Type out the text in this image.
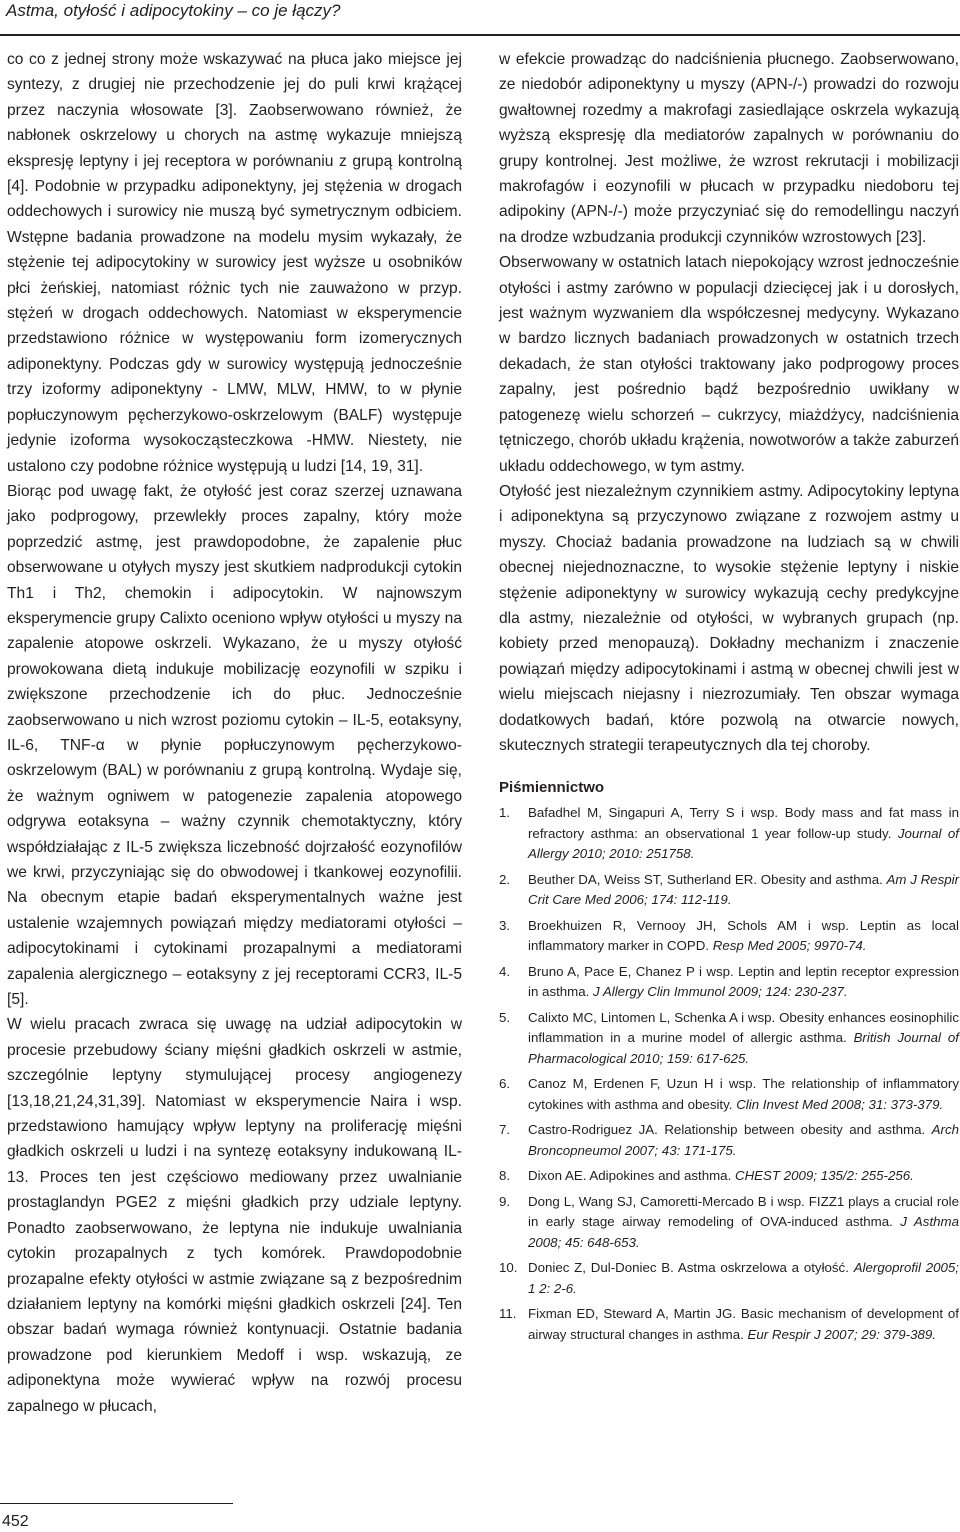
Astma, otyłość i adipocytokiny – co je łączy?

co co z jednej strony może wskazywać na płuca jako miejsce jej syntezy, z drugiej nie przechodzenie jej do puli krwi krążącej przez naczynia włosowate [3]. Zaobserwowano również, że nabłonek oskrzelowy u chorych na astmę wykazuje mniejszą ekspresję leptyny i jej receptora w porównaniu z grupą kontrolną [4]. Podobnie w przypadku adiponektyny, jej stężenia w drogach oddechowych i surowicy nie muszą być symetrycznym odbiciem. Wstępne badania prowadzone na modelu mysim wykazały, że stężenie tej adipocytokiny w surowicy jest wyższe u osobników płci żeńskiej, natomiast różnic tych nie zauważono w przyp. stężeń w drogach oddechowych. Natomiast w eksperymencie przedstawiono różnice w występowaniu form izomerycznych adiponektyny. Podczas gdy w surowicy występują jednocześnie trzy izoformy adiponektyny - LMW, MLW, HMW, to w płynie popłuczynowym pęcherzykowo-oskrzelowym (BALF) występuje jedynie izoforma wysokocząsteczkowa -HMW. Niestety, nie ustalono czy podobne różnice występują u ludzi [14, 19, 31].

Biorąc pod uwagę fakt, że otyłość jest coraz szerzej uznawana jako podprogowy, przewlekły proces zapalny, który może poprzedzić astmę, jest prawdopodobne, że zapalenie płuc obserwowane u otyłych myszy jest skutkiem nadprodukcji cytokin Th1 i Th2, chemokin i adipocytokin. W najnowszym eksperymencie grupy Calixto oceniono wpływ otyłości u myszy na zapalenie atopowe oskrzeli. Wykazano, że u myszy otyłość prowokowana dietą indukuje mobilizację eozynofili w szpiku i zwiększone przechodzenie ich do płuc. Jednocześnie zaobserwowano u nich wzrost poziomu cytokin – IL-5, eotaksyny, IL-6, TNF-α w płynie popłuczynowym pęcherzykowo-oskrzelowym (BAL) w porównaniu z grupą kontrolną. Wydaje się, że ważnym ogniwem w patogenezie zapalenia atopowego odgrywa eotaksyna – ważny czynnik chemotaktyczny, który współdziałając z IL-5 zwiększa liczebność dojrzałość eozynofilów we krwi, przyczyniając się do obwodowej i tkankowej eozynofilii. Na obecnym etapie badań eksperymentalnych ważne jest ustalenie wzajemnych powiązań między mediatorami otyłości – adipocytokinami i cytokinami prozapalnymi a mediatorami zapalenia alergicznego – eotaksyny z jej receptorami CCR3, IL-5 [5].

W wielu pracach zwraca się uwagę na udział adipocytokin w procesie przebudowy ściany mięśni gładkich oskrzeli w astmie, szczególnie leptyny stymulującej procesy angiogenezy [13,18,21,24,31,39]. Natomiast w eksperymencie Naira i wsp. przedstawiono hamujący wpływ leptyny na proliferację mięśni gładkich oskrzeli u ludzi i na syntezę eotaksyny indukowaną IL-13. Proces ten jest częściowo mediowany przez uwalnianie prostaglandyn PGE2 z mięśni gładkich przy udziale leptyny. Ponadto zaobserwowano, że leptyna nie indukuje uwalniania cytokin prozapalnych z tych komórek. Prawdopodobnie prozapalne efekty otyłości w astmie związane są z bezpośrednim działaniem leptyny na komórki mięśni gładkich oskrzeli [24]. Ten obszar badań wymaga również kontynuacji. Ostatnie badania prowadzone pod kierunkiem Medoff i wsp. wskazują, ze adiponektyna może wywierać wpływ na rozwój procesu zapalnego w płucach,

w efekcie prowadząc do nadciśnienia płucnego. Zaobserwowano, ze niedobór adiponektyny u myszy (APN-/-) prowadzi do rozwoju gwałtownej rozedmy a makrofagi zasiedlające oskrzela wykazują wyższą ekspresję dla mediatorów zapalnych w porównaniu do grupy kontrolnej. Jest możliwe, że wzrost rekrutacji i mobilizacji makrofagów i eozynofili w płucach w przypadku niedoboru tej adipokiny (APN-/-) może przyczyniać się do remodellingu naczyń na drodze wzbudzania produkcji czynników wzrostowych [23].

Obserwowany w ostatnich latach niepokojący wzrost jednocześnie otyłości i astmy zarówno w populacji dziecięcej jak i u dorosłych, jest ważnym wyzwaniem dla współczesnej medycyny. Wykazano w bardzo licznych badaniach prowadzonych w ostatnich trzech dekadach, że stan otyłości traktowany jako podprogowy proces zapalny, jest pośrednio bądź bezpośrednio uwikłany w patogenezę wielu schorzeń – cukrzycy, miażdżycy, nadciśnienia tętniczego, chorób układu krążenia, nowotworów a także zaburzeń układu oddechowego, w tym astmy.

Otyłość jest niezależnym czynnikiem astmy. Adipocytokiny leptyna i adiponektyna są przyczynowo związane z rozwojem astmy u myszy. Chociaż badania prowadzone na ludziach są w chwili obecnej niejednoznaczne, to wysokie stężenie leptyny i niskie stężenie adiponektyny w surowicy wykazują cechy predykcyjne dla astmy, niezależnie od otyłości, w wybranych grupach (np. kobiety przed menopauzą). Dokładny mechanizm i znaczenie powiązań między adipocytokinami i astmą w obecnej chwili jest w wielu miejscach niejasny i niezrozumiały. Ten obszar wymaga dodatkowych badań, które pozwolą na otwarcie nowych, skutecznych strategii terapeutycznych dla tej choroby.

Piśmiennictwo
1.	Bafadhel M, Singapuri A, Terry S i wsp. Body mass and fat mass in refractory asthma: an observational 1 year follow-up study. Journal of Allergy 2010; 2010: 251758.
2.	Beuther DA, Weiss ST, Sutherland ER. Obesity and asthma. Am J Respir Crit Care Med 2006; 174: 112-119.
3.	Broekhuizen R, Vernooy JH, Schols AM i wsp. Leptin as local inflammatory marker in COPD. Resp Med 2005; 9970-74.
4.	Bruno A, Pace E, Chanez P i wsp. Leptin and leptin receptor expression in asthma. J Allergy Clin Immunol 2009; 124: 230-237.
5.	Calixto MC, Lintomen L, Schenka A i wsp. Obesity enhances eosinophilic inflammation in a murine model of allergic asthma. British Journal of Pharmacological 2010; 159: 617-625.
6.	Canoz M, Erdenen F, Uzun H i wsp. The relationship of inflammatory cytokines with asthma and obesity. Clin Invest Med 2008; 31: 373-379.
7.	Castro-Rodriguez JA. Relationship between obesity and asthma. Arch Broncopneumol 2007; 43: 171-175.
8.	Dixon AE. Adipokines and asthma. CHEST 2009; 135/2: 255-256.
9.	Dong L, Wang SJ, Camoretti-Mercado B i wsp. FIZZ1 plays a crucial role in early stage airway remodeling of OVA-induced asthma. J Asthma 2008; 45: 648-653.
10. Doniec Z, Dul-Doniec B. Astma oskrzelowa a otyłość. Alergoprofil 2005; 1 2: 2-6.
11. Fixman ED, Steward A, Martin JG. Basic mechanism of development of airway structural changes in asthma. Eur Respir J 2007; 29: 379-389.
452
